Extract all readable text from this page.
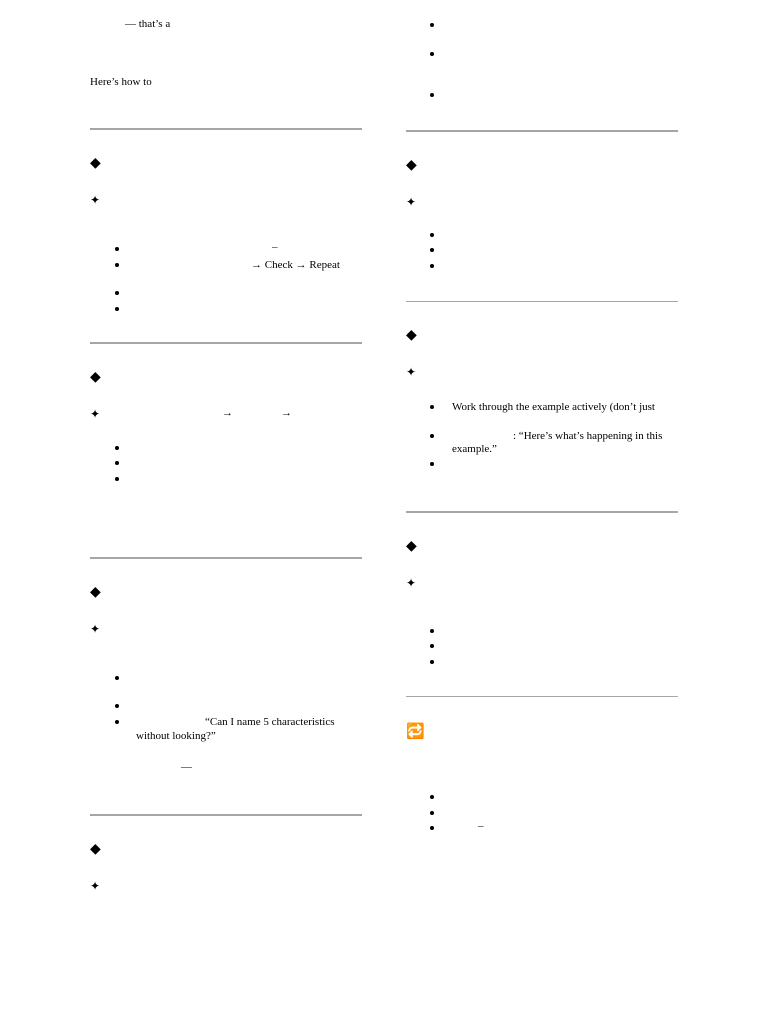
— that’s a
Here’s how to
◆
✦
–
→ Check → Repeat
◆
✦	→	→
◆
✦
“Can I name 5 characteristics
without looking?”
—
◆
✦
◆
✦
◆
✦
Work through the example actively (don’t just
: “Here’s what’s happening in this
example.”
◆
✦
🔁
–
